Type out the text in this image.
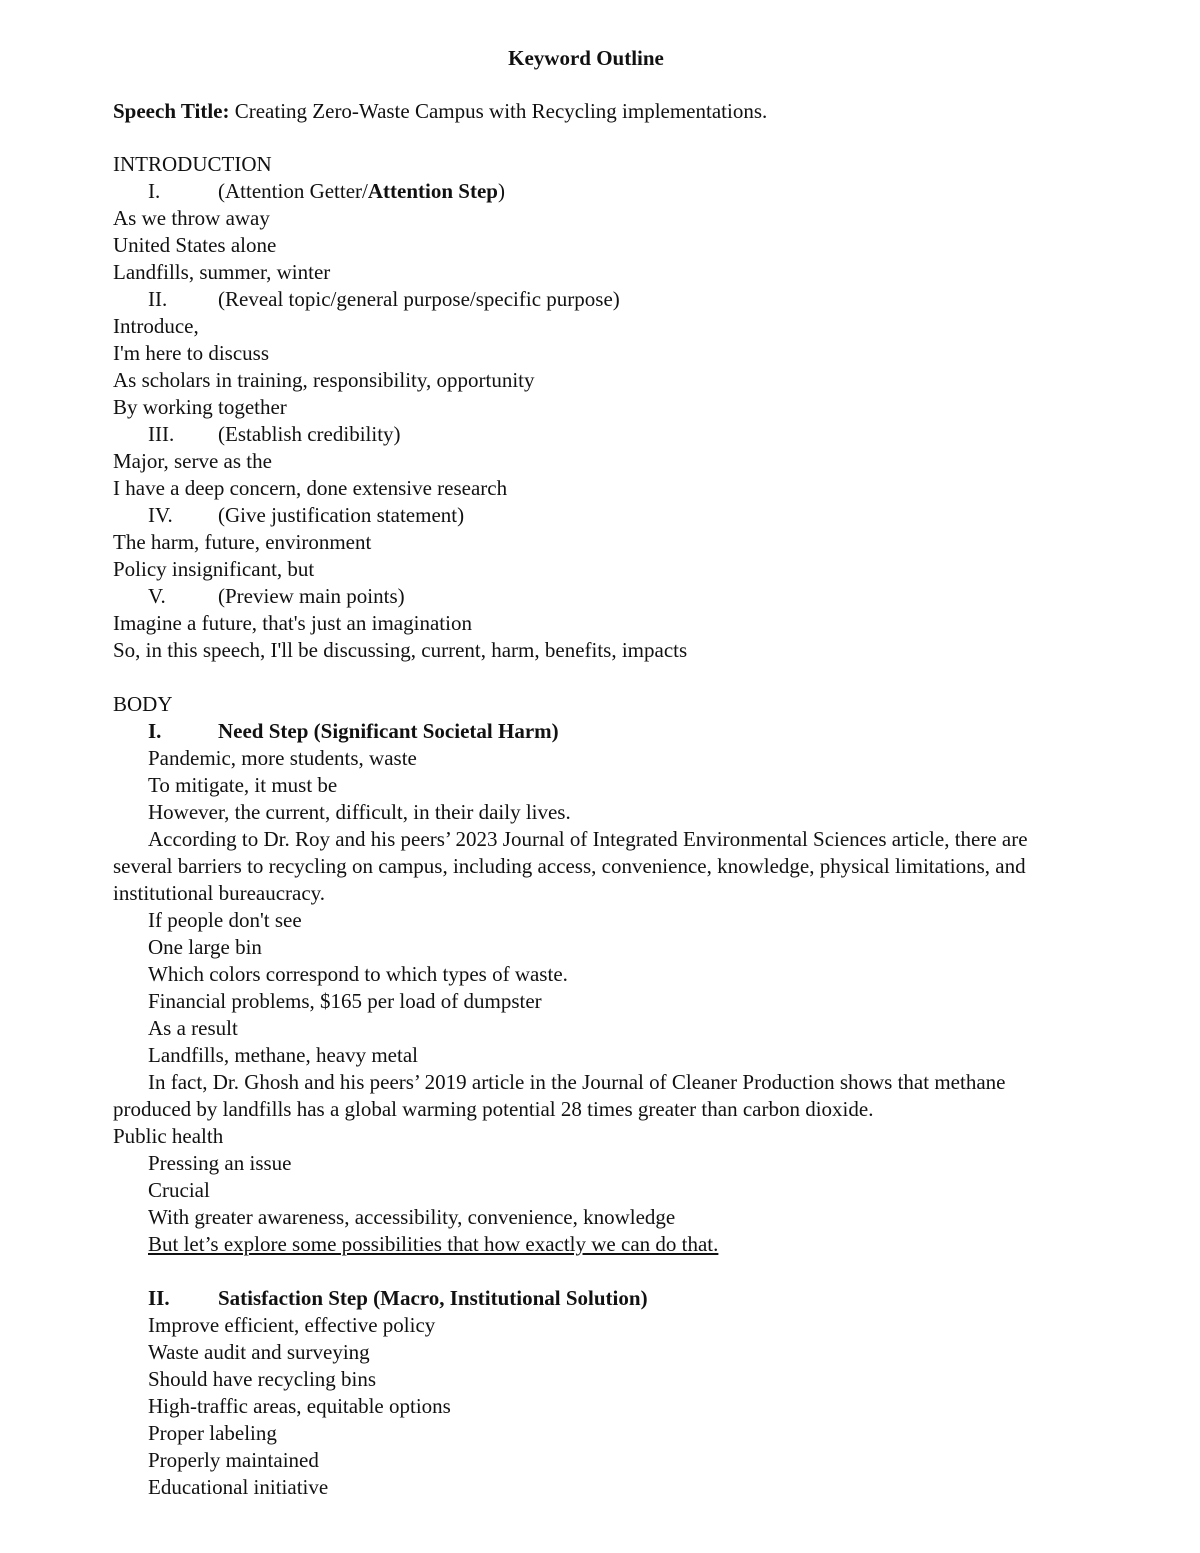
Keyword Outline
Speech Title: Creating Zero-Waste Campus with Recycling implementations.
INTRODUCTION
I.	(Attention Getter/Attention Step)
As we throw away
United States alone
Landfills, summer, winter
II. (Reveal topic/general purpose/specific purpose)
Introduce,
I'm here to discuss
As scholars in training, responsibility, opportunity
By working together
III. (Establish credibility)
Major, serve as the
I have a deep concern, done extensive research
IV. (Give justification statement)
The harm, future, environment
Policy insignificant, but
V. (Preview main points)
Imagine a future, that's just an imagination
So, in this speech, I'll be discussing, current, harm, benefits, impacts
BODY
I.	Need Step (Significant Societal Harm)
Pandemic, more students, waste
To mitigate, it must be
However, the current, difficult, in their daily lives.
According to Dr. Roy and his peers’ 2023 Journal of Integrated Environmental Sciences article, there are several barriers to recycling on campus, including access, convenience, knowledge, physical limitations, and institutional bureaucracy.
If people don't see
One large bin
Which colors correspond to which types of waste.
Financial problems, $165 per load of dumpster
As a result
Landfills, methane, heavy metal
In fact, Dr. Ghosh and his peers’ 2019 article in the Journal of Cleaner Production shows that methane produced by landfills has a global warming potential 28 times greater than carbon dioxide.
Public health
Pressing an issue
Crucial
With greater awareness, accessibility, convenience, knowledge
But let’s explore some possibilities that how exactly we can do that.
II. Satisfaction Step (Macro, Institutional Solution)
Improve efficient, effective policy
Waste audit and surveying
Should have recycling bins
High-traffic areas, equitable options
Proper labeling
Properly maintained
Educational initiative
